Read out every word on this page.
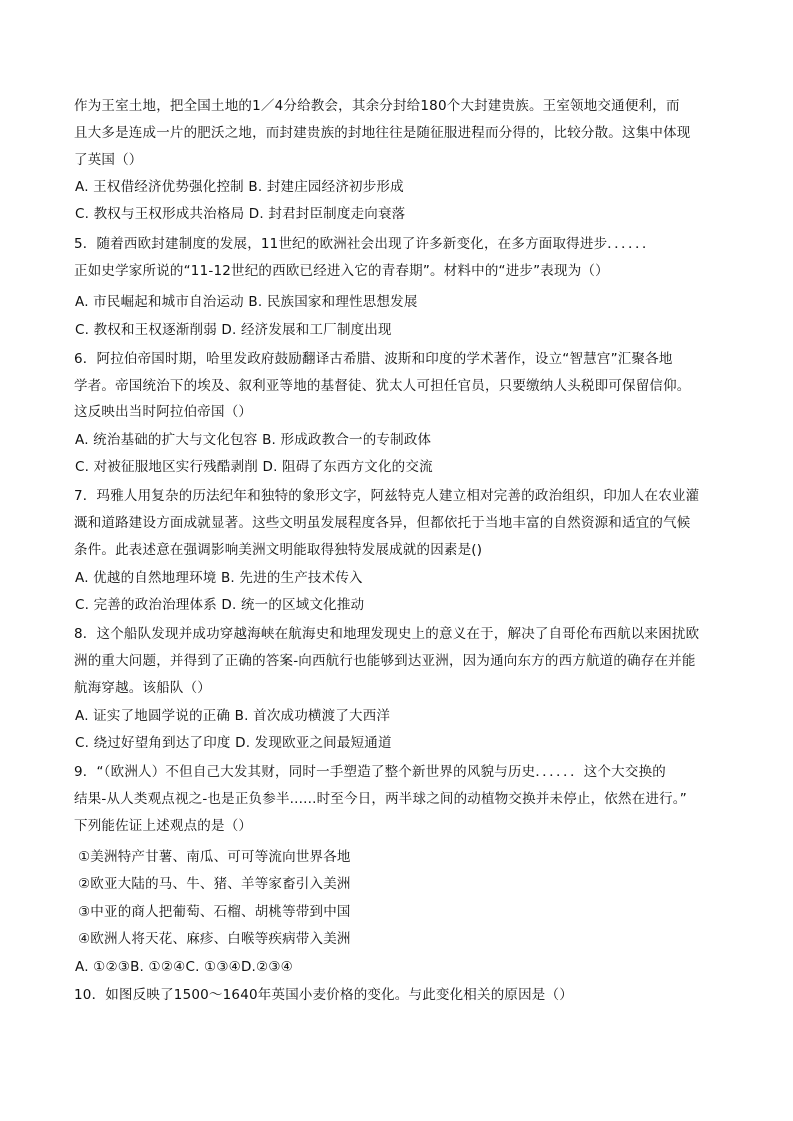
作为王室土地，把全国土地的1／4分给教会，其余分封给180个大封建贵族。王室领地交通便利，而
且大多是连成一片的肥沃之地，而封建贵族的封地往往是随征服进程而分得的，比较分散。这集中体现
了英国（）
A. 王权借经济优势强化控制 B. 封建庄园经济初步形成
C. 教权与王权形成共治格局 D. 封君封臣制度走向衰落
5．随着西欧封建制度的发展，11世纪的欧洲社会出现了许多新变化，在多方面取得进步．．．．．．
正如史学家所说的“11-12世纪的西欧已经进入它的青春期”。材料中的“进步”表现为（）
A. 市民崛起和城市自治运动 B. 民族国家和理性思想发展
C. 教权和王权逐渐削弱 D. 经济发展和工厂制度出现
6．阿拉伯帝国时期，哈里发政府鼓励翻译古希腊、波斯和印度的学术著作，设立“智慧宫”汇聚各地
学者。帝国统治下的埃及、叙利亚等地的基督徒、犹太人可担任官员，只要缴纳人头税即可保留信仰。
这反映出当时阿拉伯帝国（）
A. 统治基础的扩大与文化包容 B. 形成政教合一的专制政体
C. 对被征服地区实行残酷剥削 D. 阻碍了东西方文化的交流
7．玛雅人用复杂的历法纪年和独特的象形文字，阿兹特克人建立相对完善的政治组织，印加人在农业灌
溉和道路建设方面成就显著。这些文明虽发展程度各异，但都依托于当地丰富的自然资源和适宜的气候
条件。此表述意在强调影响美洲文明能取得独特发展成就的因素是()
A. 优越的自然地理环境 B. 先进的生产技术传入
C. 完善的政治治理体系 D. 统一的区域文化推动
8．这个船队发现并成功穿越海峡在航海史和地理发现史上的意义在于，解决了自哥伦布西航以来困扰欧
洲的重大问题，并得到了正确的答案-向西航行也能够到达亚洲，因为通向东方的西方航道的确存在并能
航海穿越。该船队（）
A. 证实了地圆学说的正确 B. 首次成功横渡了大西洋
C. 绕过好望角到达了印度 D. 发现欧亚之间最短通道
9．“（欧洲人）不但自己大发其财，同时一手塑造了整个新世界的风貌与历史．．．．．．这个大交换的
结果-从人类观点视之-也是正负参半......时至今日，两半球之间的动植物交换并未停止，依然在进行。”
下列能佐证上述观点的是（）
①美洲特产甘薯、南瓜、可可等流向世界各地
②欧亚大陆的马、牛、猪、羊等家畜引入美洲
③中亚的商人把葡萄、石榴、胡桃等带到中国
④欧洲人将天花、麻疹、白喉等疾病带入美洲
A. ①②③B. ①②④C. ①③④D.②③④
10．如图反映了1500～1640年英国小麦价格的变化。与此变化相关的原因是（）
